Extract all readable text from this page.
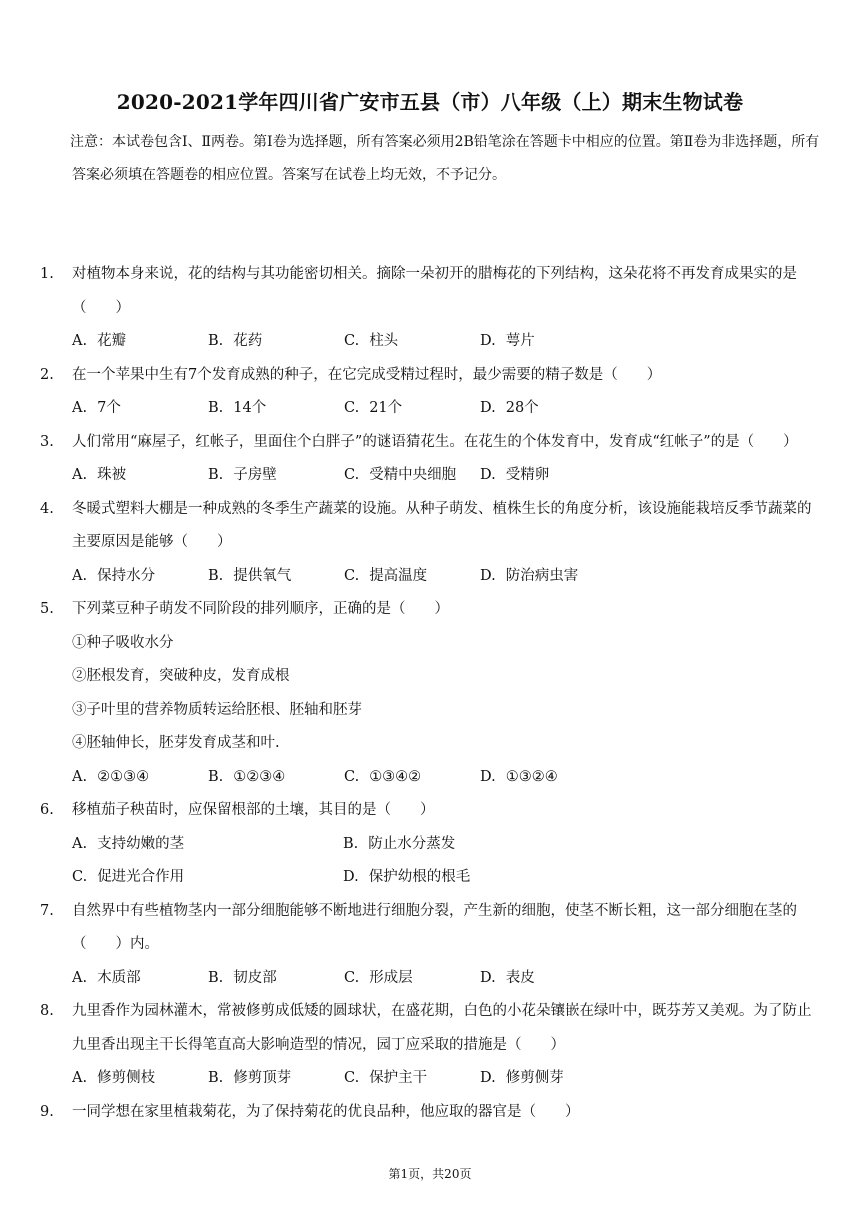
2020-2021学年四川省广安市五县（市）八年级（上）期末生物试卷
注意：本试卷包含Ⅰ、Ⅱ两卷。第Ⅰ卷为选择题，所有答案必须用2B铅笔涂在答题卡中相应的位置。第Ⅱ卷为非选择题，所有答案必须填在答题卷的相应位置。答案写在试卷上均无效，不予记分。
1.	对植物本身来说，花的结构与其功能密切相关。摘除一朵初开的腊梅花的下列结构，这朵花将不再发育成果实的是（　　）
A. 花瓣	B. 花药	C. 柱头	D. 萼片
2.	在一个苹果中生有7个发育成熟的种子，在它完成受精过程时，最少需要的精子数是（　　）
A. 7个	B. 14个	C. 21个	D. 28个
3.	人们常用“麻屋子，红帐子，里面住个白胖子”的谜语猜花生。在花生的个体发育中，发育成“红帐子”的是（　　）
A. 珠被	B. 子房壁	C. 受精中央细胞	D. 受精卵
4.	冬暖式塑料大棚是一种成熟的冬季生产蔬菜的设施。从种子萌发、植株生长的角度分析，该设施能栽培反季节蔬菜的主要原因是能够（　　）
A. 保持水分	B. 提供氧气	C. 提高温度	D. 防治病虫害
5.	下列菜豆种子萌发不同阶段的排列顺序，正确的是（　　）
①种子吸收水分
②胚根发育，突破种皮，发育成根
③子叶里的营养物质转运给胚根、胚轴和胚芽
④胚轴伸长，胚芽发育成茎和叶.
A. ②①③④	B. ①②③④	C. ①③④②	D. ①③②④
6.	移植茄子秧苗时，应保留根部的土壤，其目的是（　　）
A. 支持幼嫩的茎	B. 防止水分蒸发
C. 促进光合作用	D. 保护幼根的根毛
7.	自然界中有些植物茎内一部分细胞能够不断地进行细胞分裂，产生新的细胞，使茎不断长粗，这一部分细胞在茎的（　　）内。
A. 木质部	B. 韧皮部	C. 形成层	D. 表皮
8.	九里香作为园林灌木，常被修剪成低矮的圆球状，在盛花期，白色的小花朵镶嵌在绿叶中，既芬芳又美观。为了防止九里香出现主干长得笔直高大影响造型的情况，园丁应采取的措施是（　　）
A. 修剪侧枝	B. 修剪顶芽	C. 保护主干	D. 修剪侧芽
9.	一同学想在家里植栽菊花，为了保持菊花的优良品种，他应取的器官是（　　）
第1页，共20页
